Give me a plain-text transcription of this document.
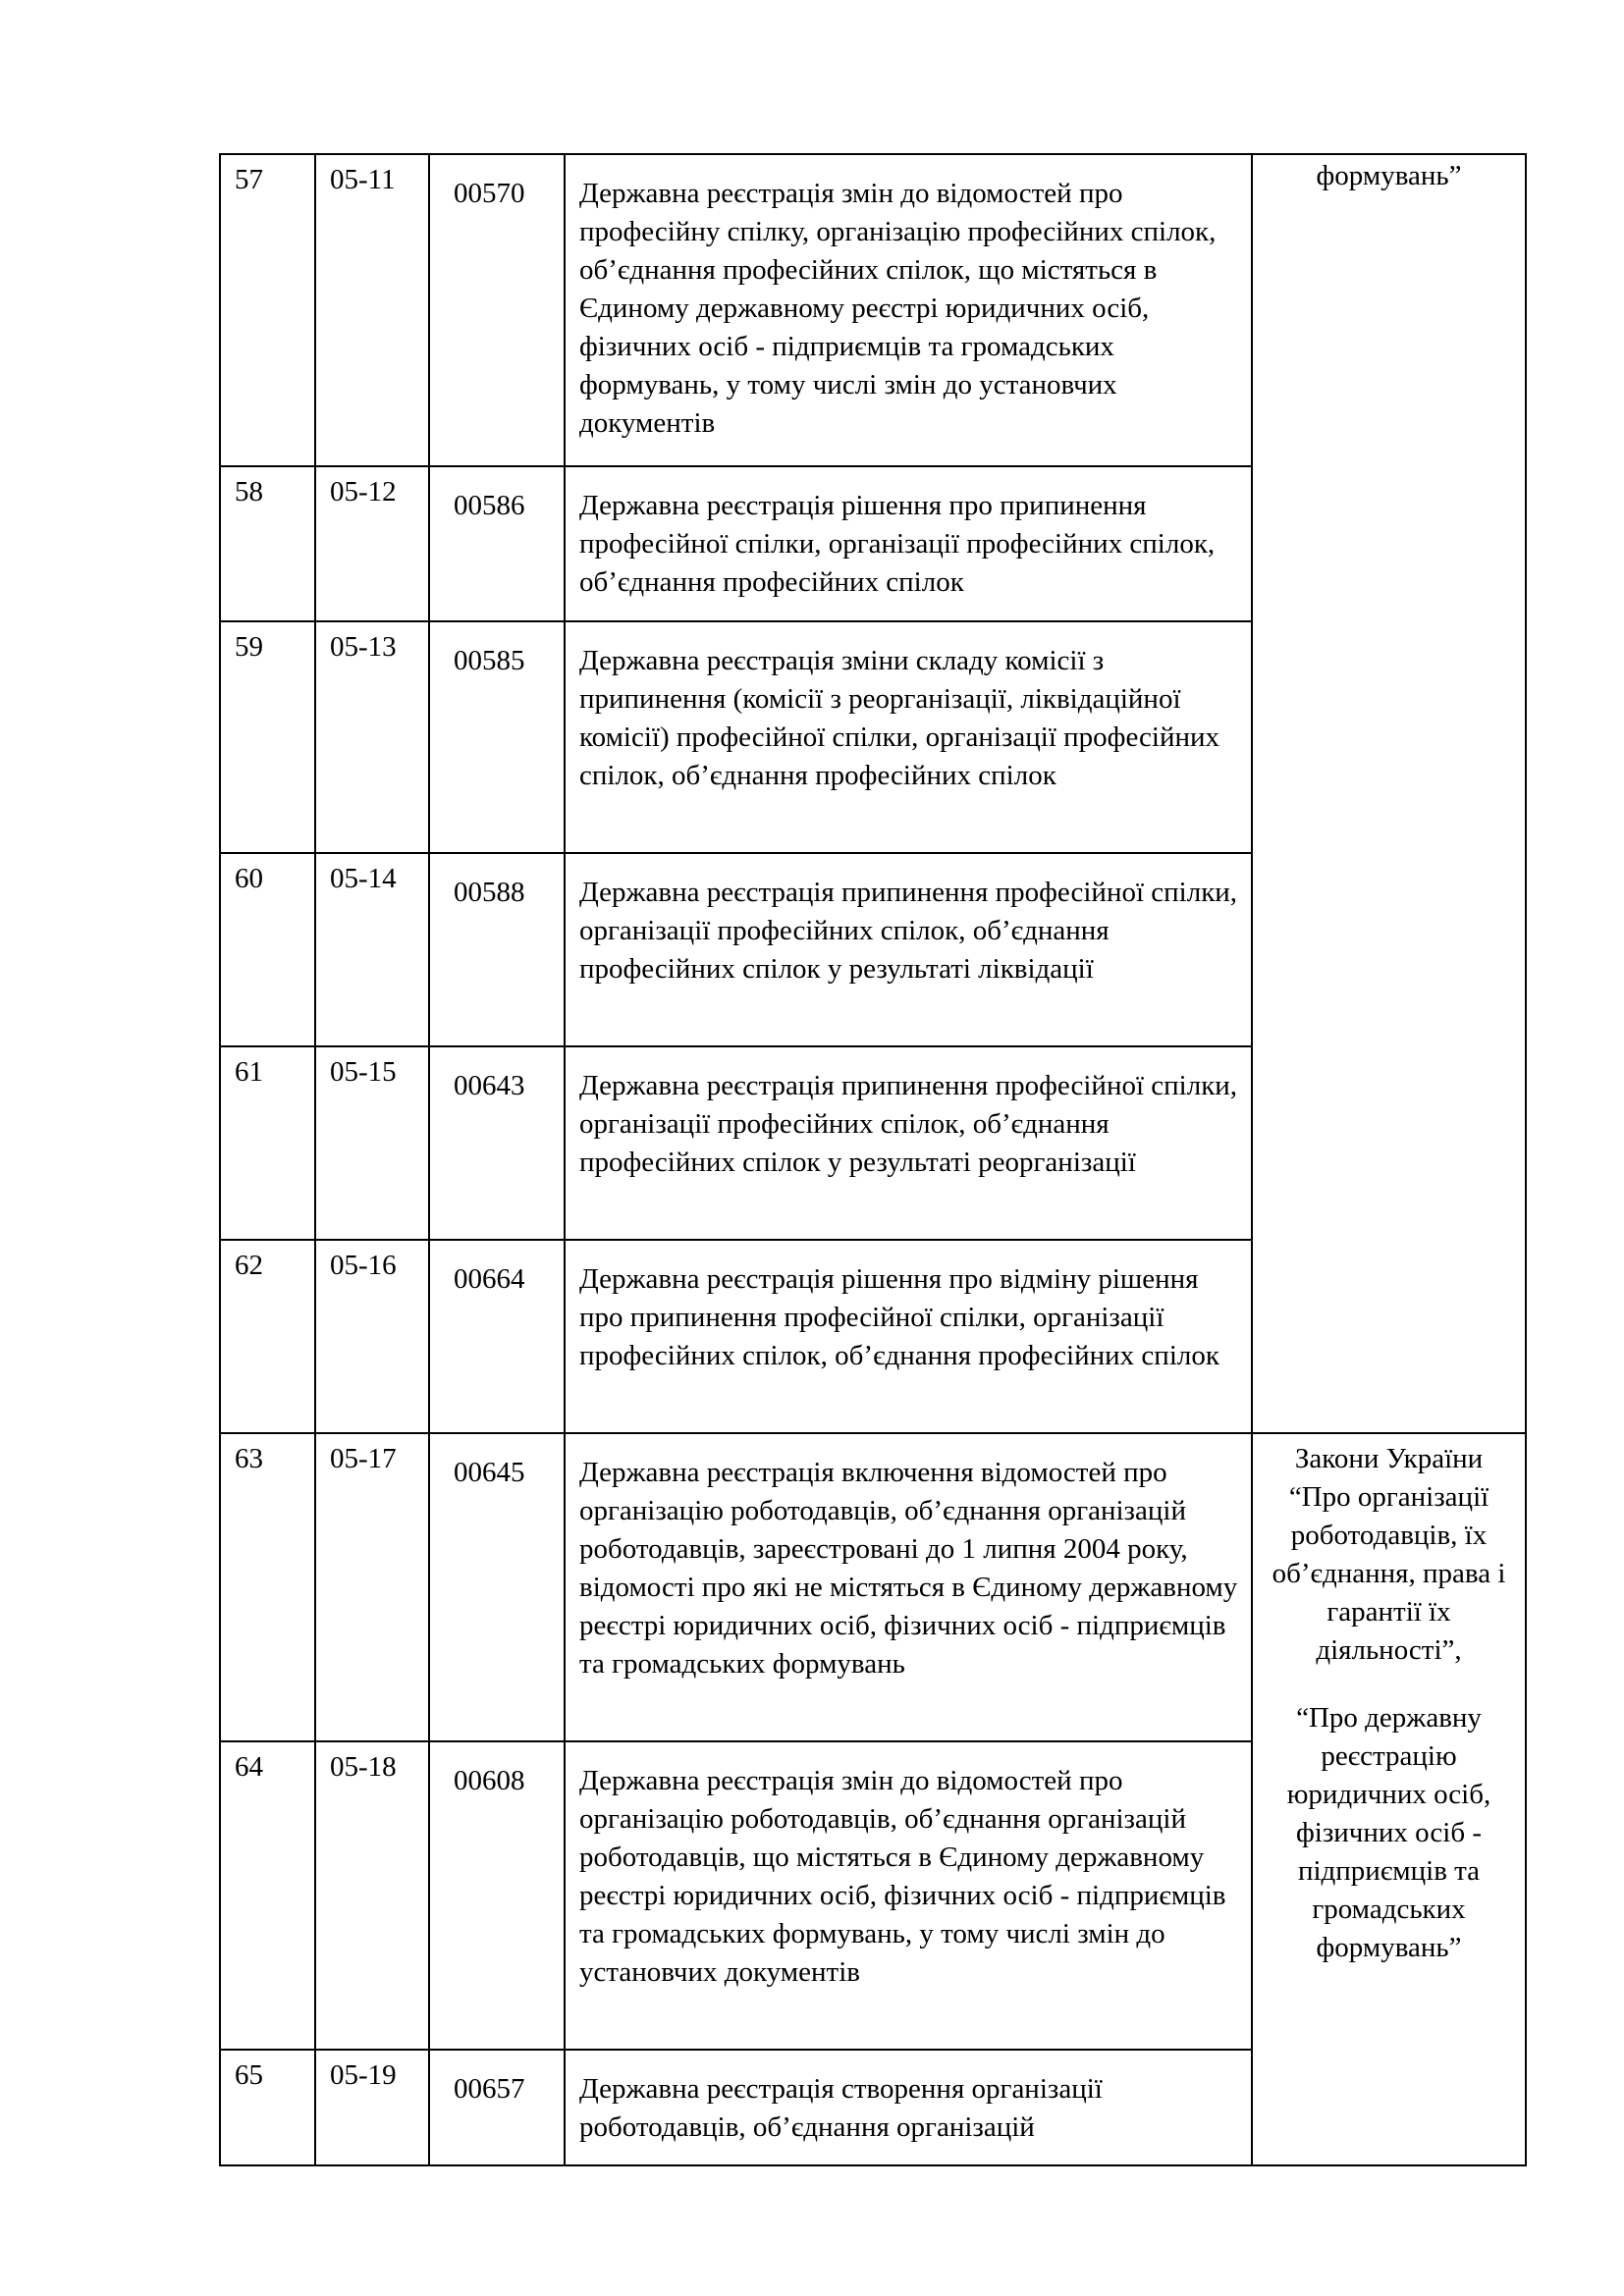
57	05-11	00570	Державна реєстрація змін до відомостей про професійну спілку, організацію професійних спілок, об’єднання професійних спілок, що містяться в Єдиному державному реєстрі юридичних осіб, фізичних осіб - підприємців та громадських формувань, у тому числі змін до установчих документів	формувань”
58	05-12	00586	Державна реєстрація рішення про припинення професійної спілки, організації професійних спілок, об’єднання професійних спілок	
59	05-13	00585	Державна реєстрація зміни складу комісії з припинення (комісії з реорганізації, ліквідаційної комісії) професійної спілки, організації професійних спілок, об’єднання професійних спілок	
60	05-14	00588	Державна реєстрація припинення професійної спілки, організації професійних спілок, об’єднання професійних спілок у результаті ліквідації	
61	05-15	00643	Державна реєстрація припинення професійної спілки, організації професійних спілок, об’єднання професійних спілок у результаті реорганізації	
62	05-16	00664	Державна реєстрація рішення про відміну рішення про припинення професійної спілки, організації професійних спілок, об’єднання професійних спілок	
63	05-17	00645	Державна реєстрація включення відомостей про організацію роботодавців, об’єднання організацій роботодавців, зареєстровані до 1 липня 2004 року, відомості про які не містяться в Єдиному державному реєстрі юридичних осіб, фізичних осіб - підприємців та громадських формувань	Закони України “Про організації роботодавців, їх об’єднання, права і гарантії їх діяльності”,
“Про державну реєстрацію юридичних осіб, фізичних осіб - підприємців та громадських формувань”

64	05-18	00608	Державна реєстрація змін до відомостей про організацію роботодавців, об’єднання організацій роботодавців, що містяться в Єдиному державному реєстрі юридичних осіб, фізичних осіб - підприємців та громадських формувань, у тому числі змін до установчих документів	
65	05-19	00657	Державна реєстрація створення організації роботодавців, об’єднання організацій	
